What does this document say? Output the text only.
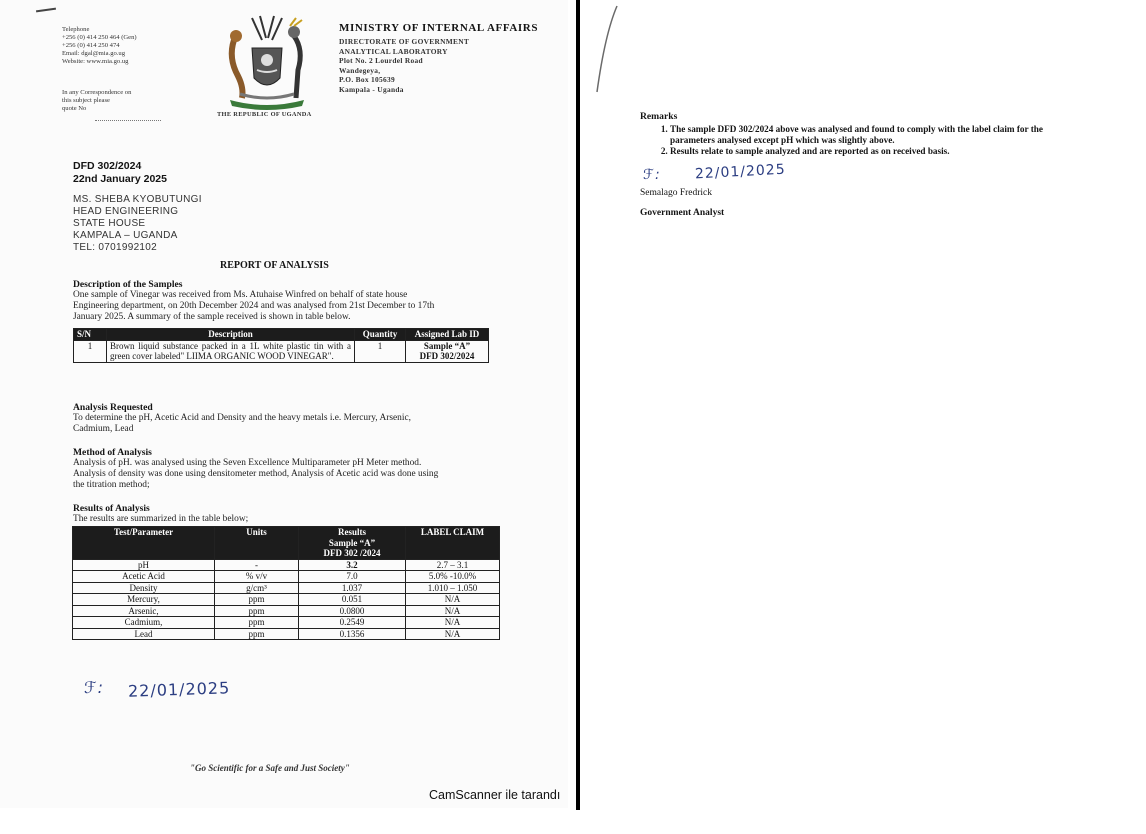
Telephone
+256 (0) 414 250 464 (Gen)
+256 (0) 414 250 474
Email: dgal@mia.go.ug
Website: www.mia.go.ug
In any Correspondence on
this subject please
quote No
THE REPUBLIC OF UGANDA
MINISTRY OF INTERNAL AFFAIRS
DIRECTORATE OF GOVERNMENT
ANALYTICAL LABORATORY
Plot No. 2 Lourdel Road
Wandegeya,
P.O. Box 105639
Kampala - Uganda
DFD 302/2024
22nd January 2025
MS. SHEBA KYOBUTUNGI
HEAD ENGINEERING
STATE HOUSE
KAMPALA – UGANDA
TEL: 0701992102
REPORT OF ANALYSIS
Description of the Samples
One sample of Vinegar was received from Ms. Atuhaise Winfred on behalf of state house
Engineering department, on 20th December 2024 and was analysed from 21st December to 17th
January 2025. A summary of the sample received is shown in table below.
S/N	Description	Quantity	Assigned Lab ID
1	Brown liquid substance packed in a 1L white plastic tin with a green cover labeled" LIIMA ORGANIC WOOD VINEGAR".	1	Sample “A”
DFD 302/2024
Analysis Requested
To determine the pH, Acetic Acid and Density and the heavy metals i.e. Mercury, Arsenic,
Cadmium, Lead
Method of Analysis
Analysis of pH. was analysed using the Seven Excellence Multiparameter pH Meter method.
Analysis of density was done using densitometer method, Analysis of Acetic acid was done using
the titration method;
Results of Analysis
The results are summarized in the table below;
Test/Parameter	Units	Results
Sample “A”
DFD 302 /2024	LABEL CLAIM
pH	-	3.2	2.7 – 3.1
Acetic Acid	% v/v	7.0	5.0% -10.0%
Density	g/cm³	1.037	1.010 – 1.050
Mercury,	ppm	0.051	N/A
Arsenic,	ppm	0.0800	N/A
Cadmium,	ppm	0.2549	N/A
Lead	ppm	0.1356	N/A
ℱ: 22/01/2025
"Go Scientific for a Safe and Just Society"
CamScanner ile tarandı
Remarks
1. The sample DFD 302/2024 above was analysed and found to comply with the label claim for the parameters analysed except pH which was slightly above.
2. Results relate to sample analyzed and are reported as on received basis.
ℱ: 22/01/2025
Semalago Fredrick
Government Analyst
